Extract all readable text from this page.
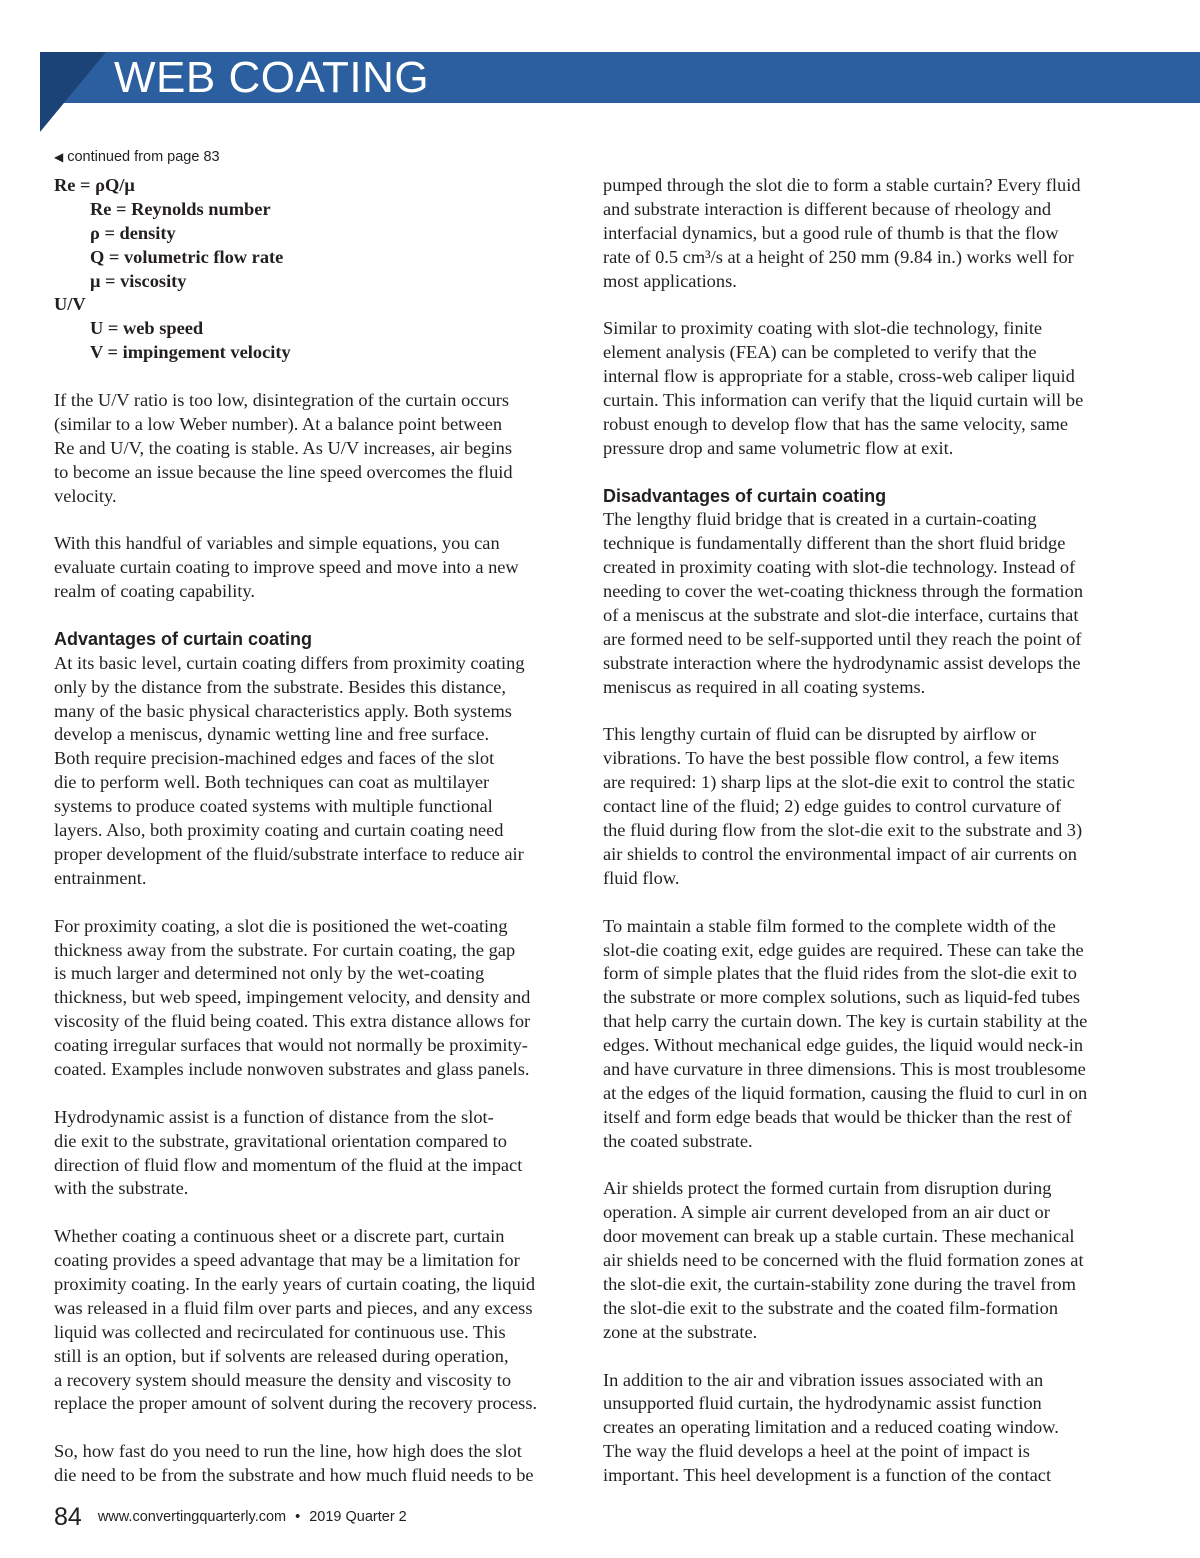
WEB COATING
◀ continued from page 83
Re = ρQ/μ
Re = Reynolds number
ρ = density
Q = volumetric flow rate
μ = viscosity
U/V
U = web speed
V = impingement velocity
If the U/V ratio is too low, disintegration of the curtain occurs
(similar to a low Weber number). At a balance point between
Re and U/V, the coating is stable. As U/V increases, air begins
to become an issue because the line speed overcomes the fluid
velocity.
With this handful of variables and simple equations, you can
evaluate curtain coating to improve speed and move into a new
realm of coating capability.
Advantages of curtain coating
At its basic level, curtain coating differs from proximity coating
only by the distance from the substrate. Besides this distance,
many of the basic physical characteristics apply. Both systems
develop a meniscus, dynamic wetting line and free surface.
Both require precision-machined edges and faces of the slot
die to perform well. Both techniques can coat as multilayer
systems to produce coated systems with multiple functional
layers. Also, both proximity coating and curtain coating need
proper development of the fluid/substrate interface to reduce air
entrainment.
For proximity coating, a slot die is positioned the wet-coating
thickness away from the substrate. For curtain coating, the gap
is much larger and determined not only by the wet-coating
thickness, but web speed, impingement velocity, and density and
viscosity of the fluid being coated. This extra distance allows for
coating irregular surfaces that would not normally be proximity-
coated. Examples include nonwoven substrates and glass panels.
Hydrodynamic assist is a function of distance from the slot-
die exit to the substrate, gravitational orientation compared to
direction of fluid flow and momentum of the fluid at the impact
with the substrate.
Whether coating a continuous sheet or a discrete part, curtain
coating provides a speed advantage that may be a limitation for
proximity coating. In the early years of curtain coating, the liquid
was released in a fluid film over parts and pieces, and any excess
liquid was collected and recirculated for continuous use. This
still is an option, but if solvents are released during operation,
a recovery system should measure the density and viscosity to
replace the proper amount of solvent during the recovery process.
So, how fast do you need to run the line, how high does the slot
die need to be from the substrate and how much fluid needs to be
pumped through the slot die to form a stable curtain? Every fluid
and substrate interaction is different because of rheology and
interfacial dynamics, but a good rule of thumb is that the flow
rate of 0.5 cm³/s at a height of 250 mm (9.84 in.) works well for
most applications.
Similar to proximity coating with slot-die technology, finite
element analysis (FEA) can be completed to verify that the
internal flow is appropriate for a stable, cross-web caliper liquid
curtain. This information can verify that the liquid curtain will be
robust enough to develop flow that has the same velocity, same
pressure drop and same volumetric flow at exit.
Disadvantages of curtain coating
The lengthy fluid bridge that is created in a curtain-coating
technique is fundamentally different than the short fluid bridge
created in proximity coating with slot-die technology. Instead of
needing to cover the wet-coating thickness through the formation
of a meniscus at the substrate and slot-die interface, curtains that
are formed need to be self-supported until they reach the point of
substrate interaction where the hydrodynamic assist develops the
meniscus as required in all coating systems.
This lengthy curtain of fluid can be disrupted by airflow or
vibrations. To have the best possible flow control, a few items
are required: 1) sharp lips at the slot-die exit to control the static
contact line of the fluid; 2) edge guides to control curvature of
the fluid during flow from the slot-die exit to the substrate and 3)
air shields to control the environmental impact of air currents on
fluid flow.
To maintain a stable film formed to the complete width of the
slot-die coating exit, edge guides are required. These can take the
form of simple plates that the fluid rides from the slot-die exit to
the substrate or more complex solutions, such as liquid-fed tubes
that help carry the curtain down. The key is curtain stability at the
edges. Without mechanical edge guides, the liquid would neck-in
and have curvature in three dimensions. This is most troublesome
at the edges of the liquid formation, causing the fluid to curl in on
itself and form edge beads that would be thicker than the rest of
the coated substrate.
Air shields protect the formed curtain from disruption during
operation. A simple air current developed from an air duct or
door movement can break up a stable curtain. These mechanical
air shields need to be concerned with the fluid formation zones at
the slot-die exit, the curtain-stability zone during the travel from
the slot-die exit to the substrate and the coated film-formation
zone at the substrate.
In addition to the air and vibration issues associated with an
unsupported fluid curtain, the hydrodynamic assist function
creates an operating limitation and a reduced coating window.
The way the fluid develops a heel at the point of impact is
important. This heel development is a function of the contact
84 www.convertingquarterly.com • 2019 Quarter 2
